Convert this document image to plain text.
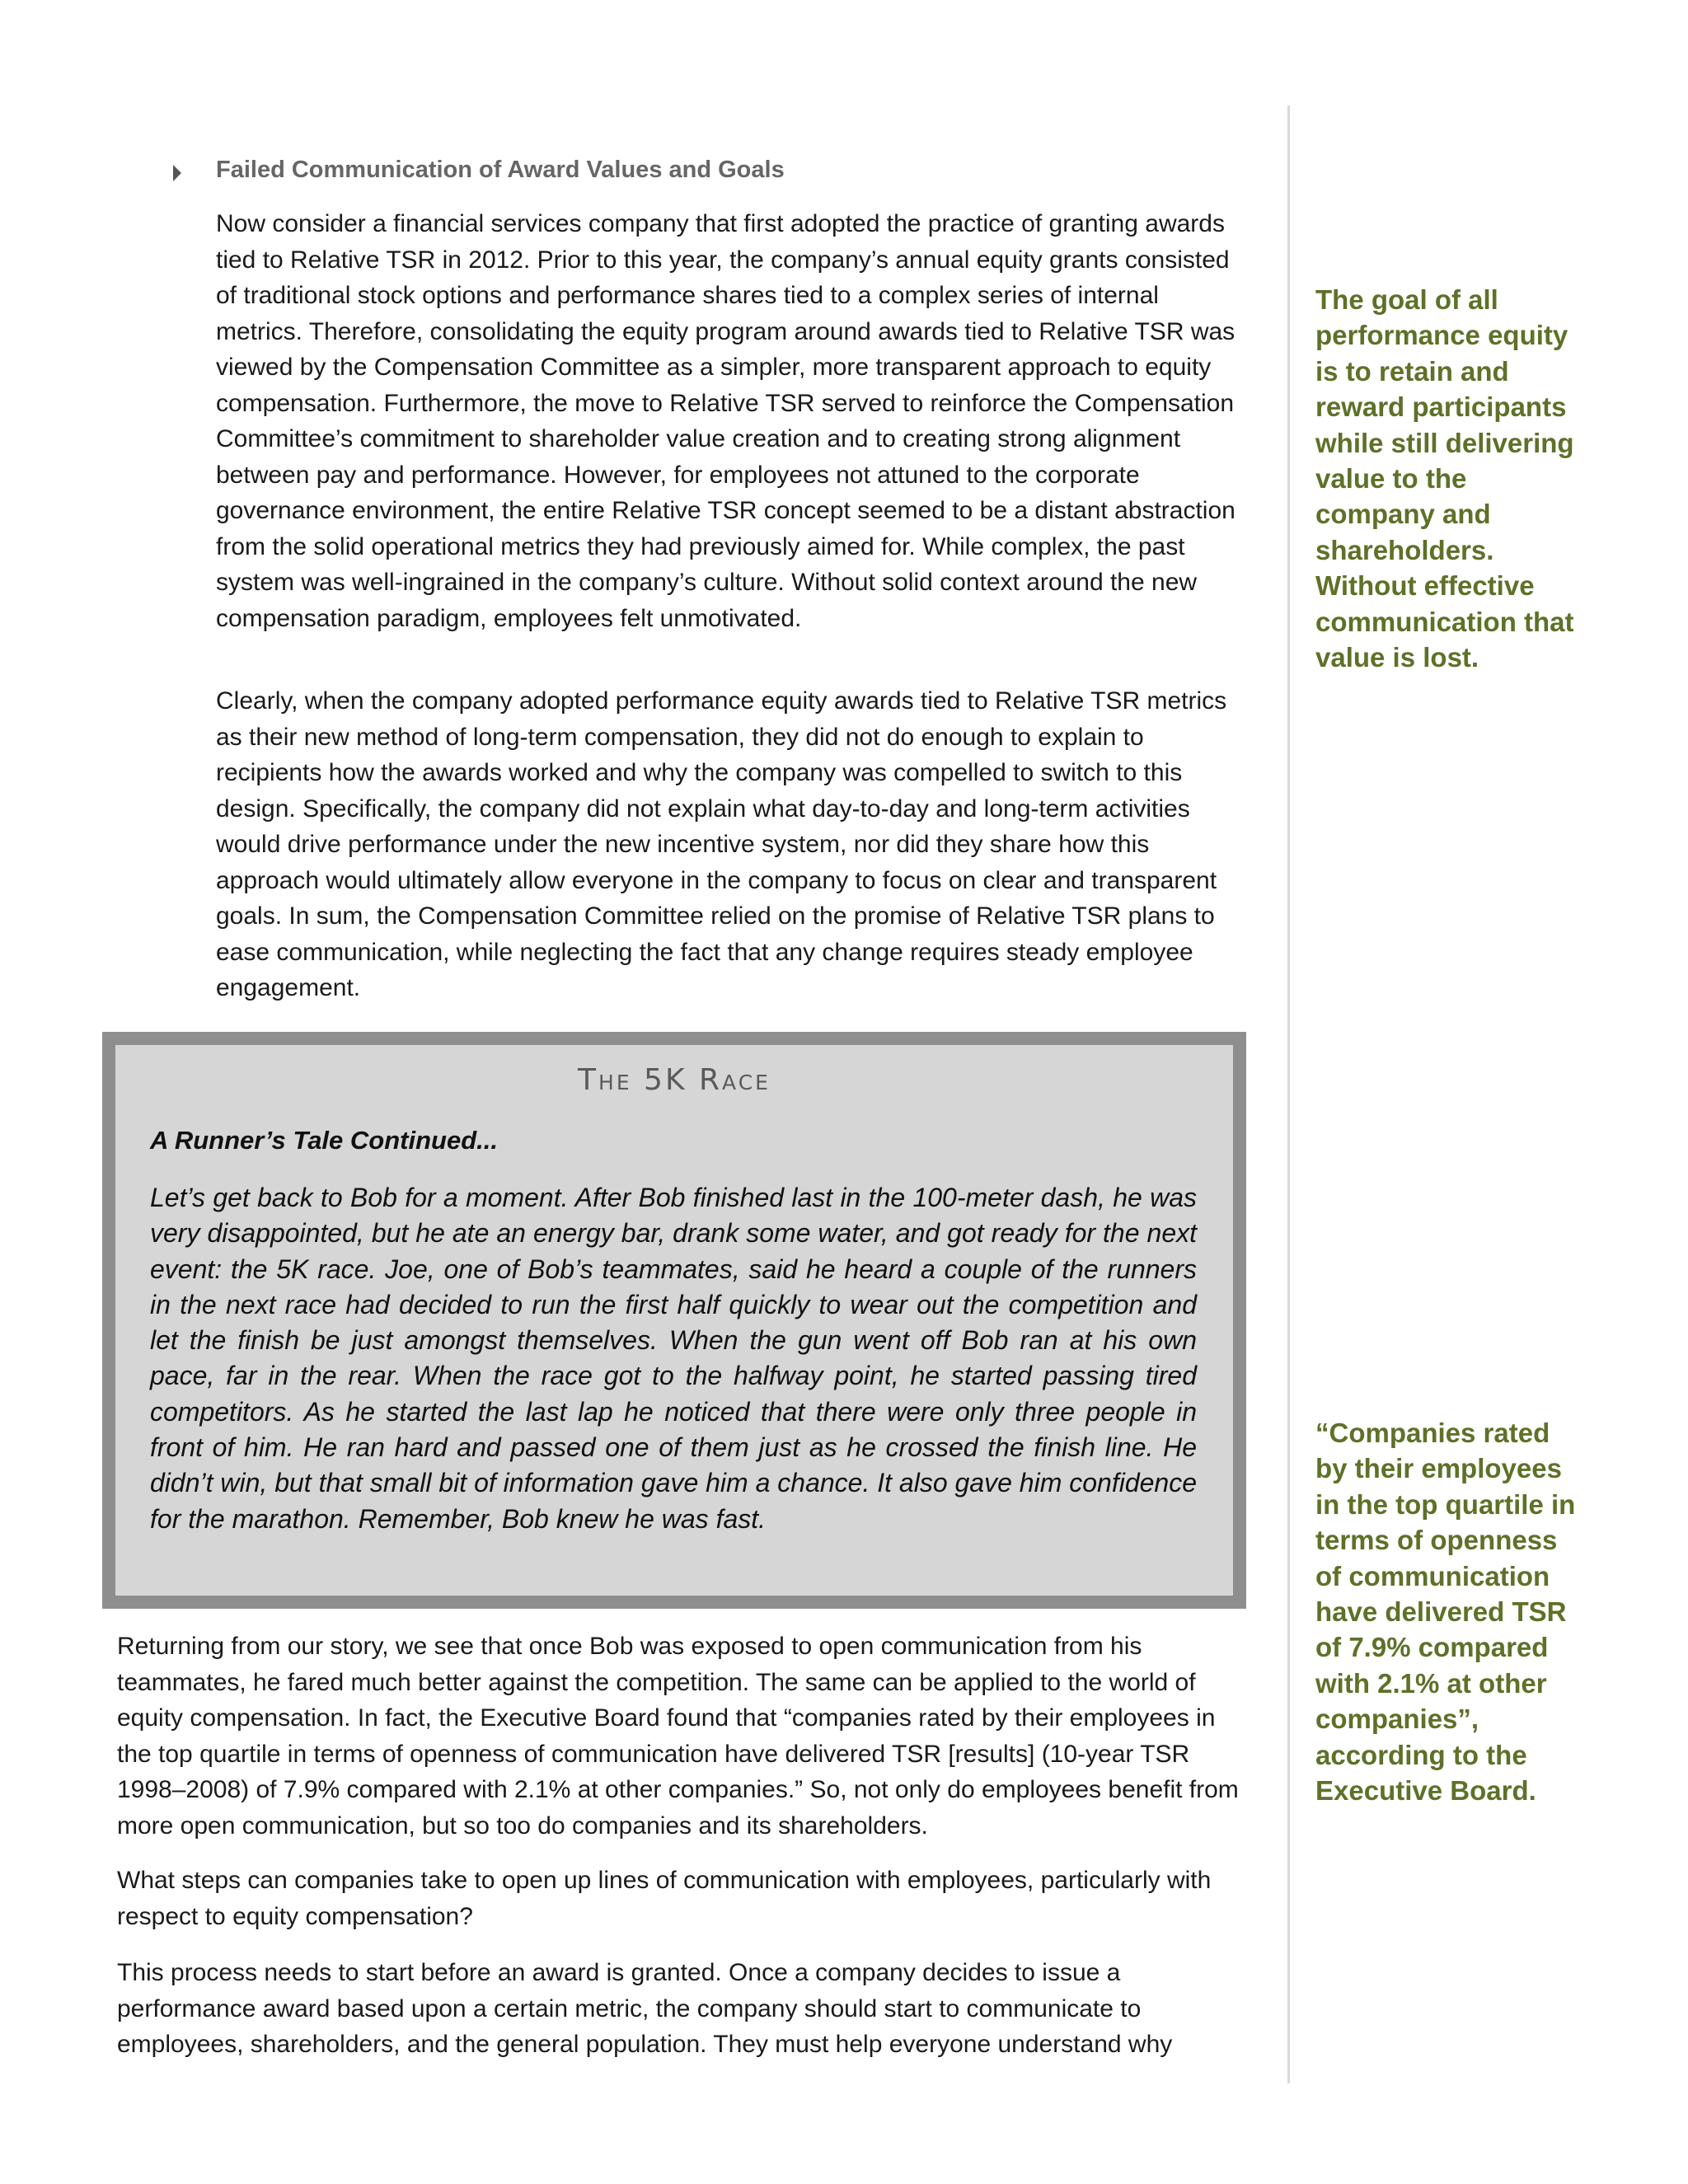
Failed Communication of Award Values and Goals

Now consider a financial services company that first adopted the practice of granting awards tied to Relative TSR in 2012. Prior to this year, the company’s annual equity grants consisted of traditional stock options and performance shares tied to a complex series of internal metrics. Therefore, consolidating the equity program around awards tied to Relative TSR was viewed by the Compensation Committee as a simpler, more transparent approach to equity compensation. Furthermore, the move to Relative TSR served to reinforce the Compensation Committee’s commitment to shareholder value creation and to creating strong alignment between pay and performance. However, for employees not attuned to the corporate governance environment, the entire Relative TSR concept seemed to be a distant abstraction from the solid operational metrics they had previously aimed for. While complex, the past system was well-ingrained in the company’s culture. Without solid context around the new compensation paradigm, employees felt unmotivated.

Clearly, when the company adopted performance equity awards tied to Relative TSR metrics as their new method of long-term compensation, they did not do enough to explain to recipients how the awards worked and why the company was compelled to switch to this design. Specifically, the company did not explain what day-to-day and long-term activities would drive performance under the new incentive system, nor did they share how this approach would ultimately allow everyone in the company to focus on clear and transparent goals. In sum, the Compensation Committee relied on the promise of Relative TSR plans to ease communication, while neglecting the fact that any change requires steady employee engagement.

The 5K Race
A Runner’s Tale Continued...

Let’s get back to Bob for a moment. After Bob finished last in the 100-meter dash, he was very disappointed, but he ate an energy bar, drank some water, and got ready for the next event: the 5K race. Joe, one of Bob’s teammates, said he heard a couple of the runners in the next race had decided to run the first half quickly to wear out the competition and let the finish be just amongst themselves. When the gun went off Bob ran at his own pace, far in the rear. When the race got to the halfway point, he started passing tired competitors. As he started the last lap he noticed that there were only three people in front of him. He ran hard and passed one of them just as he crossed the finish line. He didn’t win, but that small bit of information gave him a chance. It also gave him confidence for the marathon. Remember, Bob knew he was fast.

Returning from our story, we see that once Bob was exposed to open communication from his teammates, he fared much better against the competition. The same can be applied to the world of equity compensation. In fact, the Executive Board found that “companies rated by their employees in the top quartile in terms of openness of communication have delivered TSR [results] (10-year TSR 1998–2008) of 7.9% compared with 2.1% at other companies.” So, not only do employees benefit from more open communication, but so too do companies and its shareholders.

What steps can companies take to open up lines of communication with employees, particularly with respect to equity compensation?

This process needs to start before an award is granted. Once a company decides to issue a performance award based upon a certain metric, the company should start to communicate to employees, shareholders, and the general population. They must help everyone understand why

The goal of all performance equity is to retain and reward participants while still delivering value to the company and shareholders. Without effective communication that value is lost.

“Companies rated by their employees in the top quartile in terms of openness of communication have delivered TSR of 7.9% compared with 2.1% at other companies”, according to the Executive Board.
